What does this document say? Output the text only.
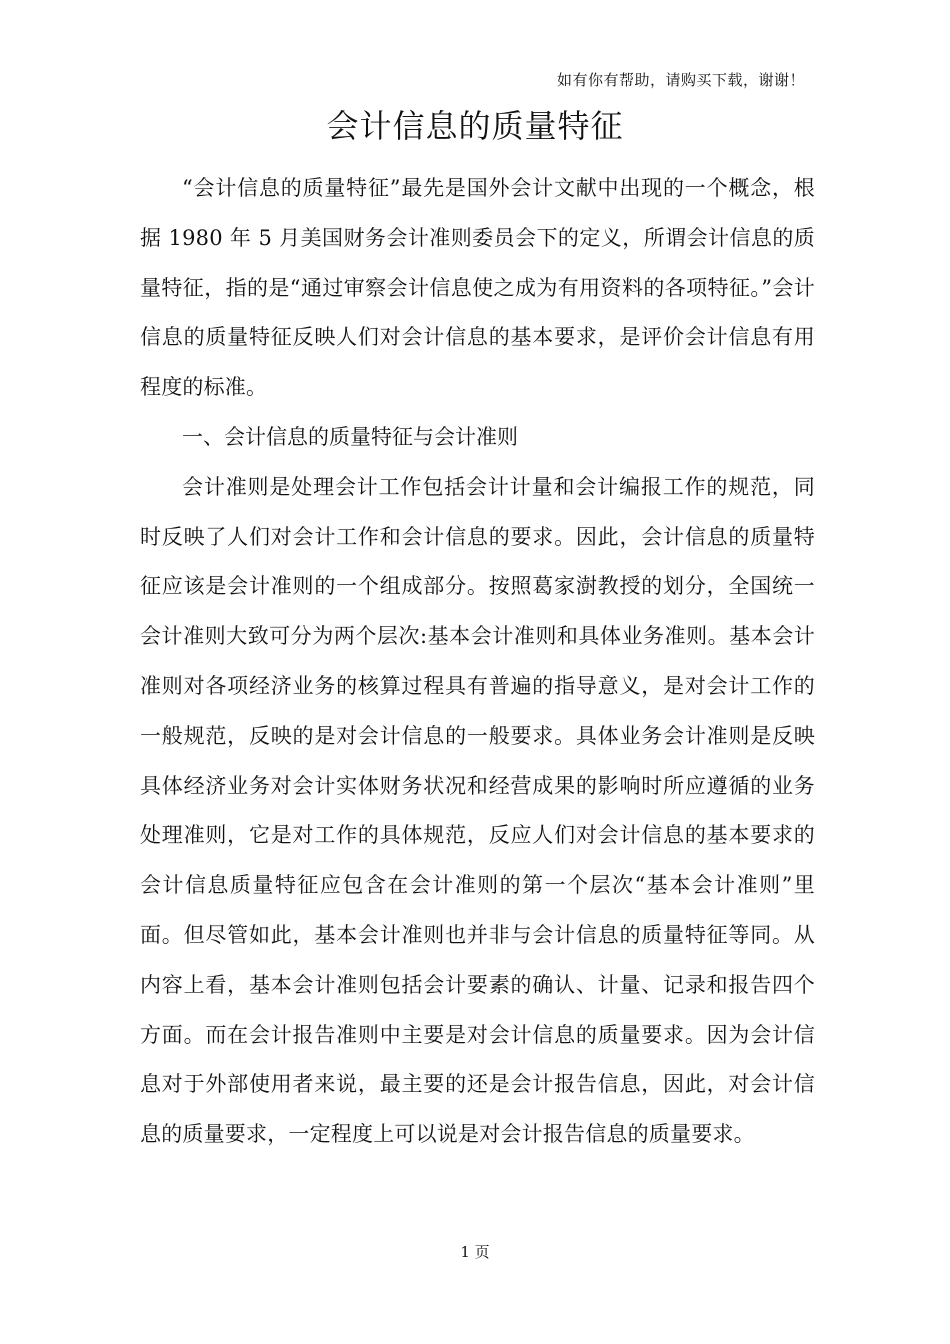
如有你有帮助，请购买下载，谢谢！
会计信息的质量特征

“会计信息的质量特征”最先是国外会计文献中出现的一个概念，根据 1980 年 5 月美国财务会计准则委员会下的定义，所谓会计信息的质量特征，指的是“通过审察会计信息使之成为有用资料的各项特征。”会计信息的质量特征反映人们对会计信息的基本要求，是评价会计信息有用程度的标准。

一、会计信息的质量特征与会计准则

会计准则是处理会计工作包括会计计量和会计编报工作的规范，同时反映了人们对会计工作和会计信息的要求。因此，会计信息的质量特征应该是会计准则的一个组成部分。按照葛家澍教授的划分，全国统一会计准则大致可分为两个层次:基本会计准则和具体业务准则。基本会计准则对各项经济业务的核算过程具有普遍的指导意义，是对会计工作的一般规范，反映的是对会计信息的一般要求。具体业务会计准则是反映具体经济业务对会计实体财务状况和经营成果的影响时所应遵循的业务处理准则，它是对工作的具体规范，反应人们对会计信息的基本要求的会计信息质量特征应包含在会计准则的第一个层次“基本会计准则”里面。但尽管如此，基本会计准则也并非与会计信息的质量特征等同。从内容上看，基本会计准则包括会计要素的确认、计量、记录和报告四个方面。而在会计报告准则中主要是对会计信息的质量要求。因为会计信息对于外部使用者来说，最主要的还是会计报告信息，因此，对会计信息的质量要求，一定程度上可以说是对会计报告信息的质量要求。

1 页
